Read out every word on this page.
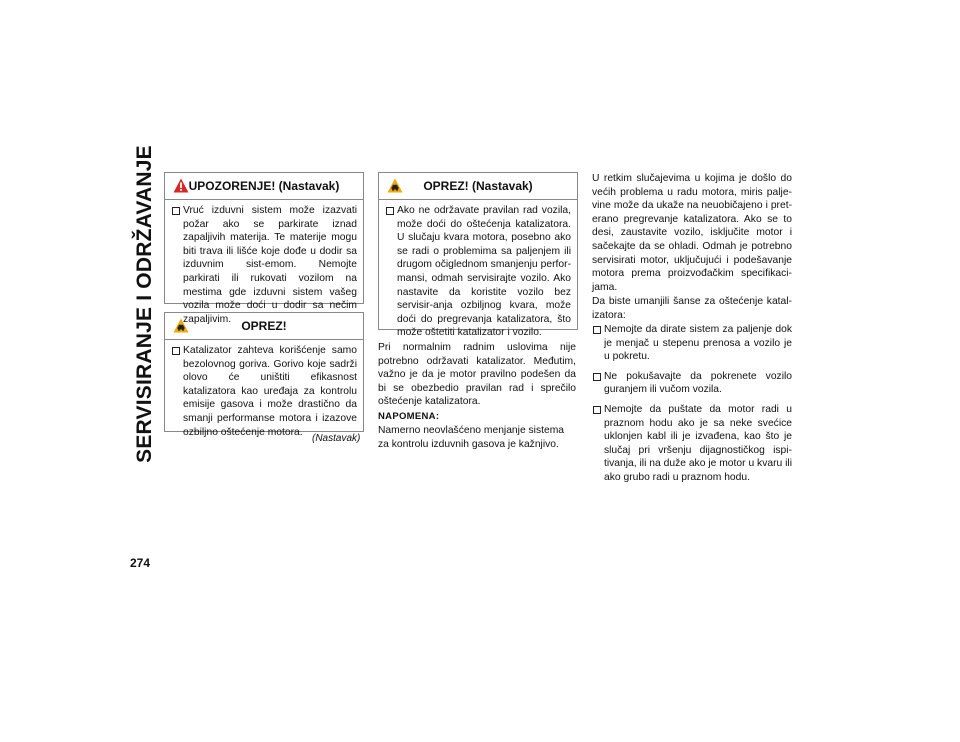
SERVISIRANJE I ODRŽAVANJE
274
UPOZORENJE! (Nastavak)
Vruć izduvni sistem može izazvati požar ako se parkirate iznad zapaljivih materija. Te materije mogu biti trava ili lišće koje dođe u dodir sa izduvnim sist-emom. Nemojte parkirati ili rukovati vozilom na mestima gde izduvni sistem vašeg vozila može doći u dodir sa nečim zapaljivim. OPREZ!
Katalizator zahteva korišćenje samo bezolovnog goriva. Gorivo koje sadrži olovo će uništiti efikasnost katalizatora kao uređaja za kontrolu emisije gasova i može drastično da smanji performanse motora i izazove ozbiljno oštećenje motora.
(Nastavak)
OPREZ! (Nastavak)
Ako ne održavate pravilan rad vozila, može doći do oštećenja katalizatora. U slučaju kvara motora, posebno ako se radi o problemima sa paljenjem ili drugom očiglednom smanjenju perfor-mansi, odmah servisirajte vozilo. Ako nastavite da koristite vozilo bez servisir-anja ozbiljnog kvara, može doći do pregrevanja katalizatora, što može oštetiti katalizator i vozilo.
Pri normalnim radnim uslovima nije potrebno održavati katalizator. Međutim, važno je da je motor pravilno podešen da bi se obezbedio pravilan rad i sprečilo oštećenje katalizatora.
NAPOMENA:
Namerno neovlašćeno menjanje sistema za kontrolu izduvnih gasova je kažnjivo.
U retkim slučajevima u kojima je došlo do većih problema u radu motora, miris palje-vine može da ukaže na neuobičajeno i pret-erano pregrevanje katalizatora. Ako se to desi, zaustavite vozilo, isključite motor i sačekajte da se ohladi. Odmah je potrebno servisirati motor, uključujući i podešavanje motora prema proizvođačkim specifikaci-jama.
Da biste umanjili šanse za oštećenje katal-izatora:
Nemojte da dirate sistem za paljenje dok je menjač u stepenu prenosa a vozilo je u pokretu.
Ne pokušavajte da pokrenete vozilo guranjem ili vučom vozila.
Nemojte da puštate da motor radi u praznom hodu ako je sa neke svećice uklonjen kabl ili je izvađena, kao što je slučaj pri vršenju dijagnostičkog ispi-tivanja, ili na duže ako je motor u kvaru ili ako grubo radi u praznom hodu.
